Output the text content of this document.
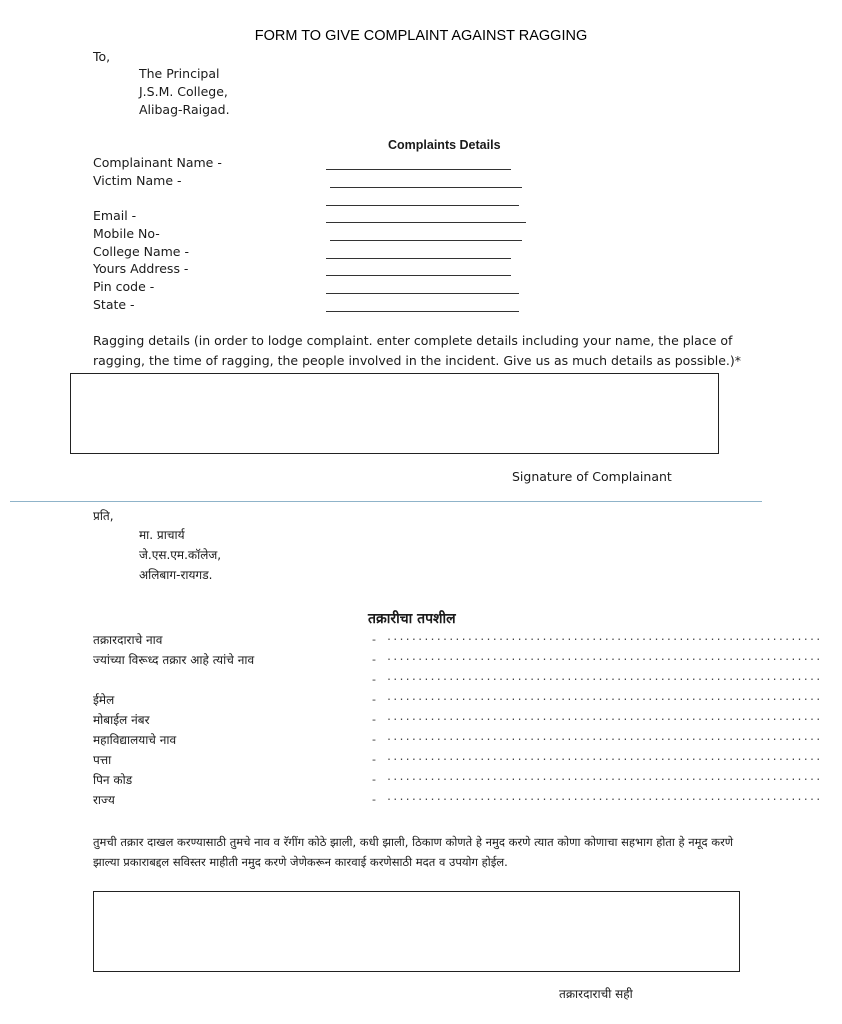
FORM TO GIVE COMPLAINT AGAINST RAGGING
To,
The Principal
J.S.M. College,
Alibag-Raigad.
Complaints Details
Complainant Name -
Victim Name -
Email -
Mobile No-
College Name -
Yours Address -
Pin code -
State -
Ragging details (in order to lodge complaint. enter complete details including your name, the place of ragging, the time of ragging, the people involved in the incident. Give us as much details as possible.)*
Signature of Complainant
प्रति,
मा. प्राचार्य
जे.एस.एम.कॉलेज,
अलिबाग-रायगड.
तक्रारीचा तपशील
तक्रारदाराचे नाव
ज्यांच्या विरूध्द तक्रार आहे त्यांचे नाव
ईमेल
मोबाईल नंबर
महाविद्यालयाचे नाव
पत्ता
पिन कोड
राज्य
-
-
-
-
-
-
-
-
-
......................................................................
......................................................................
......................................................................
......................................................................
......................................................................
......................................................................
......................................................................
......................................................................
......................................................................
तुमची तक्रार दाखल करण्यासाठी तुमचे नाव व रॅगींग कोठे झाली, कधी झाली, ठिकाण कोणते हे नमुद करणे त्यात कोणा कोणाचा सहभाग होता हे नमूद करणे झाल्या प्रकाराबद्दल सविस्तर माहीती नमुद करणे जेणेकरून कारवाई करणेसाठी मदत व उपयोग होईल.
तक्रारदाराची सही
